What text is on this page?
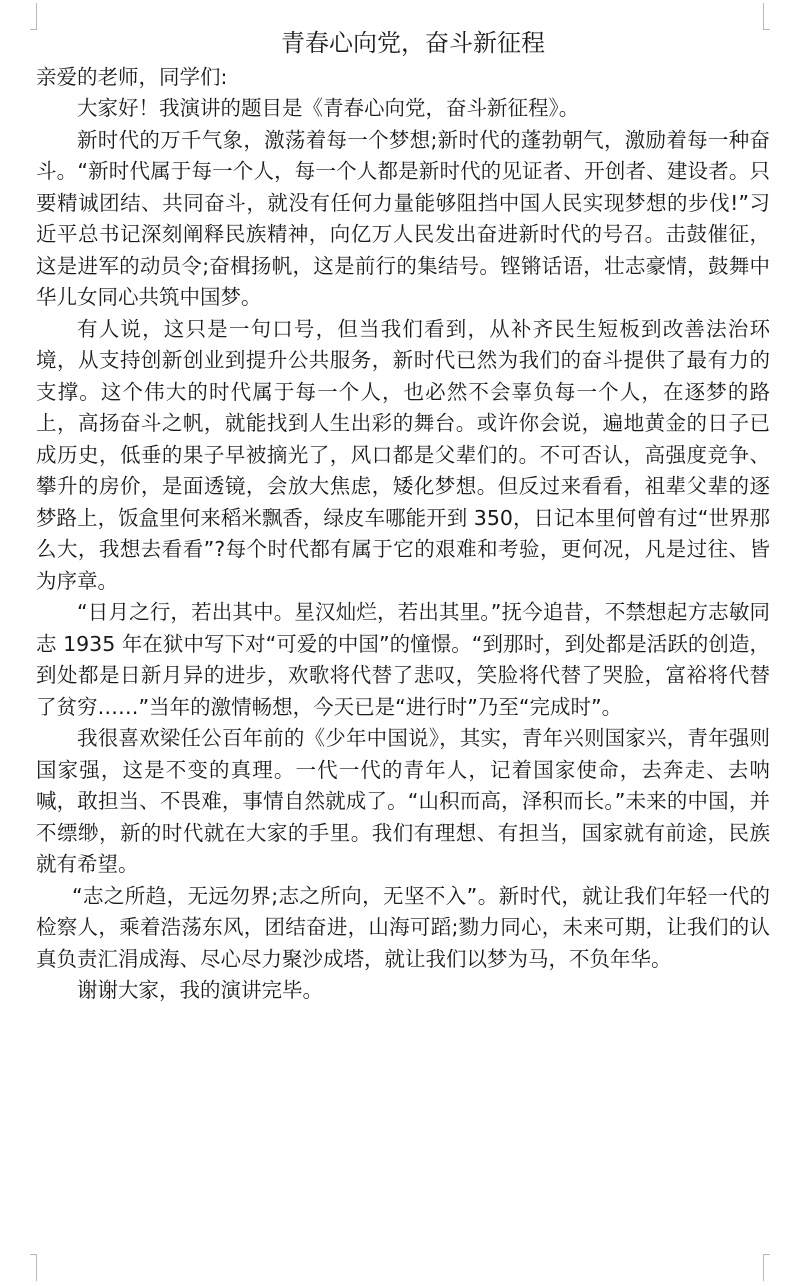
青春心向党，奋斗新征程

亲爱的老师，同学们:

大家好！我演讲的题目是《青春心向党，奋斗新征程》。

新时代的万千气象，激荡着每一个梦想;新时代的蓬勃朝气，激励着每一种奋斗。“新时代属于每一个人，每一个人都是新时代的见证者、开创者、建设者。只要精诚团结、共同奋斗，就没有任何力量能够阻挡中国人民实现梦想的步伐!”习近平总书记深刻阐释民族精神，向亿万人民发出奋进新时代的号召。击鼓催征，这是进军的动员令;奋楫扬帆，这是前行的集结号。铿锵话语，壮志豪情，鼓舞中华儿女同心共筑中国梦。

有人说，这只是一句口号，但当我们看到，从补齐民生短板到改善法治环境，从支持创新创业到提升公共服务，新时代已然为我们的奋斗提供了最有力的支撑。这个伟大的时代属于每一个人，也必然不会辜负每一个人，在逐梦的路上，高扬奋斗之帆，就能找到人生出彩的舞台。或许你会说，遍地黄金的日子已成历史，低垂的果子早被摘光了，风口都是父辈们的。不可否认，高强度竞争、攀升的房价，是面透镜，会放大焦虑，矮化梦想。但反过来看看，祖辈父辈的逐梦路上，饭盒里何来稻米飘香，绿皮车哪能开到 350，日记本里何曾有过“世界那么大，我想去看看”?每个时代都有属于它的艰难和考验，更何况，凡是过往、皆为序章。

“日月之行，若出其中。星汉灿烂，若出其里。”抚今追昔，不禁想起方志敏同志 1935 年在狱中写下对“可爱的中国”的憧憬。“到那时，到处都是活跃的创造，到处都是日新月异的进步，欢歌将代替了悲叹，笑脸将代替了哭脸，富裕将代替了贫穷……”当年的激情畅想，今天已是“进行时”乃至“完成时”。

我很喜欢梁任公百年前的《少年中国说》，其实，青年兴则国家兴，青年强则国家强，这是不变的真理。一代一代的青年人，记着国家使命，去奔走、去呐喊，敢担当、不畏难，事情自然就成了。“山积而高，泽积而长。”未来的中国，并不缥缈，新的时代就在大家的手里。我们有理想、有担当，国家就有前途，民族就有希望。

“志之所趋，无远勿界;志之所向，无坚不入”。新时代，就让我们年轻一代的检察人，乘着浩荡东风，团结奋进，山海可蹈;勠力同心，未来可期，让我们的认真负责汇涓成海、尽心尽力聚沙成塔，就让我们以梦为马，不负年华。

谢谢大家，我的演讲完毕。
